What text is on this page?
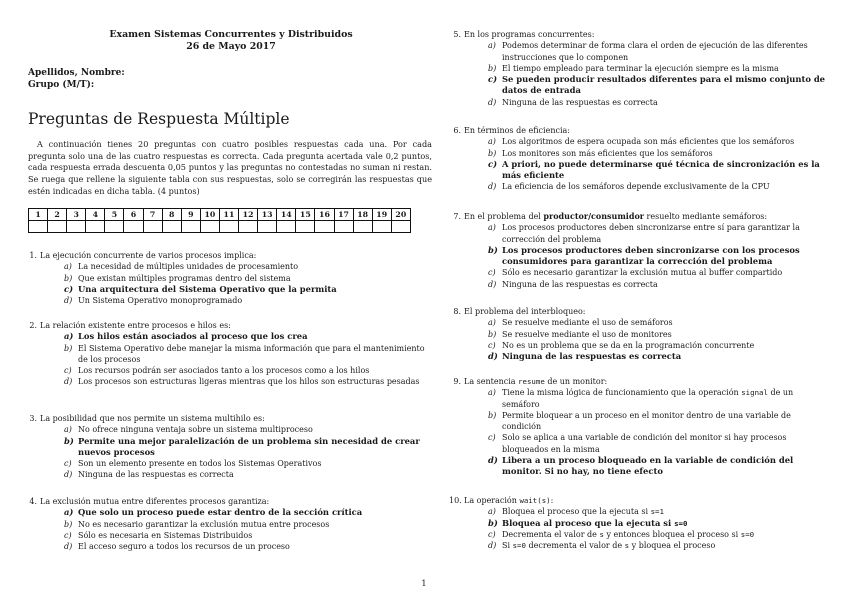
Examen Sistemas Concurrentes y Distribuidos
26 de Mayo 2017
Apellidos, Nombre:
Grupo (M/T):
Preguntas de Respuesta Múltiple
A continuación tienes 20 preguntas con cuatro posibles respuestas cada una. Por cada pregunta solo una de las cuatro respuestas es correcta. Cada pregunta acertada vale 0,2 puntos, cada respuesta errada descuenta 0,05 puntos y las preguntas no contestadas no suman ni restan. Se ruega que rellene la siguiente tabla con sus respuestas, solo se corregirán las respuestas que estén indicadas en dicha tabla. (4 puntos)
1	2	3	4	5	6	7	8	9	10	11	12	13	14	15	16	17	18	19	20

1. La ejecución concurrente de varios procesos implica:
a) La necesidad de múltiples unidades de procesamiento
b) Que existan múltiples programas dentro del sistema
c) Una arquitectura del Sistema Operativo que la permita
d) Un Sistema Operativo monoprogramado
2. La relación existente entre procesos e hilos es:
a) Los hilos están asociados al proceso que los crea
b) El Sistema Operativo debe manejar la misma información que para el mantenimiento de los procesos
c) Los recursos podrán ser asociados tanto a los procesos como a los hilos
d) Los procesos son estructuras ligeras mientras que los hilos son estructuras pesadas
3. La posibilidad que nos permite un sistema multihilo es:
a) No ofrece ninguna ventaja sobre un sistema multiproceso
b) Permite una mejor paralelización de un problema sin necesidad de crear nuevos procesos
c) Son un elemento presente en todos los Sistemas Operativos
d) Ninguna de las respuestas es correcta
4. La exclusión mutua entre diferentes procesos garantiza:
a) Que solo un proceso puede estar dentro de la sección crítica
b) No es necesario garantizar la exclusión mutua entre procesos
c) Sólo es necesaria en Sistemas Distribuidos
d) El acceso seguro a todos los recursos de un proceso
5. En los programas concurrentes:
a) Podemos determinar de forma clara el orden de ejecución de las diferentes instrucciones que lo componen
b) El tiempo empleado para terminar la ejecución siempre es la misma
c) Se pueden producir resultados diferentes para el mismo conjunto de datos de entrada
d) Ninguna de las respuestas es correcta
6. En términos de eficiencia:
a) Los algoritmos de espera ocupada son más eficientes que los semáforos
b) Los monitores son más eficientes que los semáforos
c) A priori, no puede determinarse qué técnica de sincronización es la más eficiente
d) La eficiencia de los semáforos depende exclusivamente de la CPU
7. En el problema del productor/consumidor resuelto mediante semáforos:
a) Los procesos productores deben sincronizarse entre sí para garantizar la corrección del problema
b) Los procesos productores deben sincronizarse con los procesos consumidores para garantizar la corrección del problema
c) Sólo es necesario garantizar la exclusión mutua al buffer compartido
d) Ninguna de las respuestas es correcta
8. El problema del interbloqueo:
a) Se resuelve mediante el uso de semáforos
b) Se resuelve mediante el uso de monitores
c) No es un problema que se da en la programación concurrente
d) Ninguna de las respuestas es correcta
9. La sentencia resume de un monitor:
a) Tiene la misma lógica de funcionamiento que la operación signal de un semáforo
b) Permite bloquear a un proceso en el monitor dentro de una variable de condición
c) Solo se aplica a una variable de condición del monitor si hay procesos bloqueados en la misma
d) Libera a un proceso bloqueado en la variable de condición del monitor. Si no hay, no tiene efecto
10. La operación wait(s):
a) Bloquea el proceso que la ejecuta si s=1
b) Bloquea al proceso que la ejecuta si s=0
c) Decrementa el valor de s y entonces bloquea el proceso si s=0
d) Si s=0 decrementa el valor de s y bloquea el proceso
1
